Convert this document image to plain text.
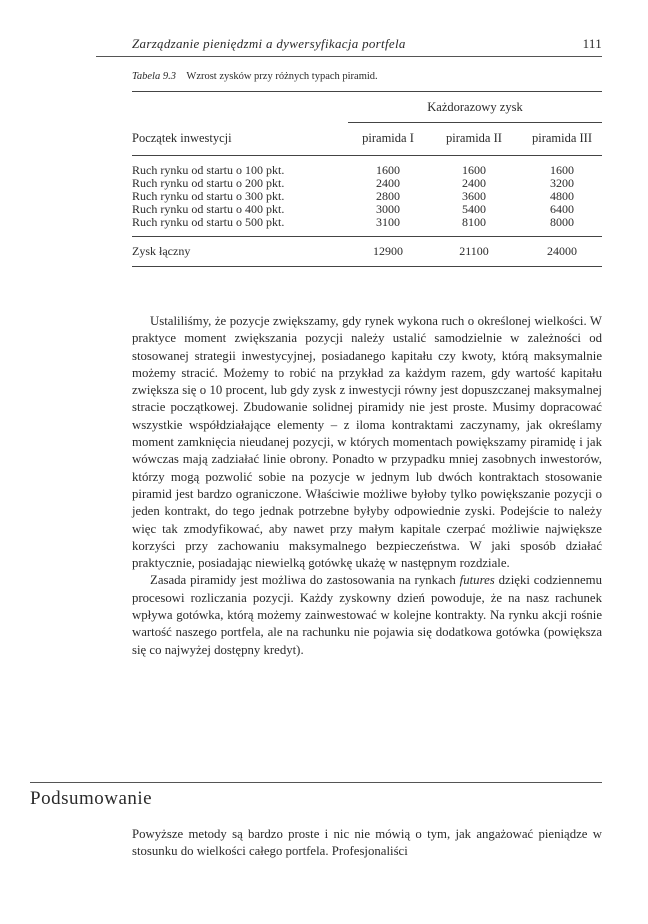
Zarządzanie pieniędzmi a dywersyfikacja portfela	111
Tabela 9.3 Wzrost zysków przy różnych typach piramid.
Każdorazowy zysk
Początek inwestycji	piramida I	piramida II	piramida III
Ruch rynku od startu o 100 pkt.	1600	1600	1600
Ruch rynku od startu o 200 pkt.	2400	2400	3200
Ruch rynku od startu o 300 pkt.	2800	3600	4800
Ruch rynku od startu o 400 pkt.	3000	5400	6400
Ruch rynku od startu o 500 pkt.	3100	8100	8000
Zysk łączny	12900	21100	24000

Ustaliliśmy, że pozycje zwiększamy, gdy rynek wykona ruch o określonej wielkości. W praktyce moment zwiększania pozycji należy ustalić samodzielnie w zależności od stosowanej strategii inwestycyjnej, posiadanego kapitału czy kwoty, którą maksymalnie możemy stracić. Możemy to robić na przykład za każdym razem, gdy wartość kapitału zwiększa się o 10 procent, lub gdy zysk z inwestycji równy jest dopuszczanej maksymalnej stracie początkowej. Zbudowanie solidnej piramidy nie jest proste. Musimy dopracować wszystkie współdziałające elementy – z iloma kontraktami zaczynamy, jak określamy moment zamknięcia nieudanej pozycji, w których momentach powiększamy piramidę i jak wówczas mają zadziałać linie obrony. Ponadto w przypadku mniej zasobnych inwestorów, którzy mogą pozwolić sobie na pozycje w jednym lub dwóch kontraktach stosowanie piramid jest bardzo ograniczone. Właściwie możliwe byłoby tylko powiększanie pozycji o jeden kontrakt, do tego jednak potrzebne byłyby odpowiednie zyski. Podejście to należy więc tak zmodyfikować, aby nawet przy małym kapitale czerpać możliwie największe korzyści przy zachowaniu maksymalnego bezpieczeństwa. W jaki sposób działać praktycznie, posiadając niewielką gotówkę ukażę w następnym rozdziale.

Zasada piramidy jest możliwa do zastosowania na rynkach futures dzięki codziennemu procesowi rozliczania pozycji. Każdy zyskowny dzień powoduje, że na nasz rachunek wpływa gotówka, którą możemy zainwestować w kolejne kontrakty. Na rynku akcji rośnie wartość naszego portfela, ale na rachunku nie pojawia się dodatkowa gotówka (powiększa się co najwyżej dostępny kredyt).

Podsumowanie

Powyższe metody są bardzo proste i nic nie mówią o tym, jak angażować pieniądze w stosunku do wielkości całego portfela. Profesjonaliści
